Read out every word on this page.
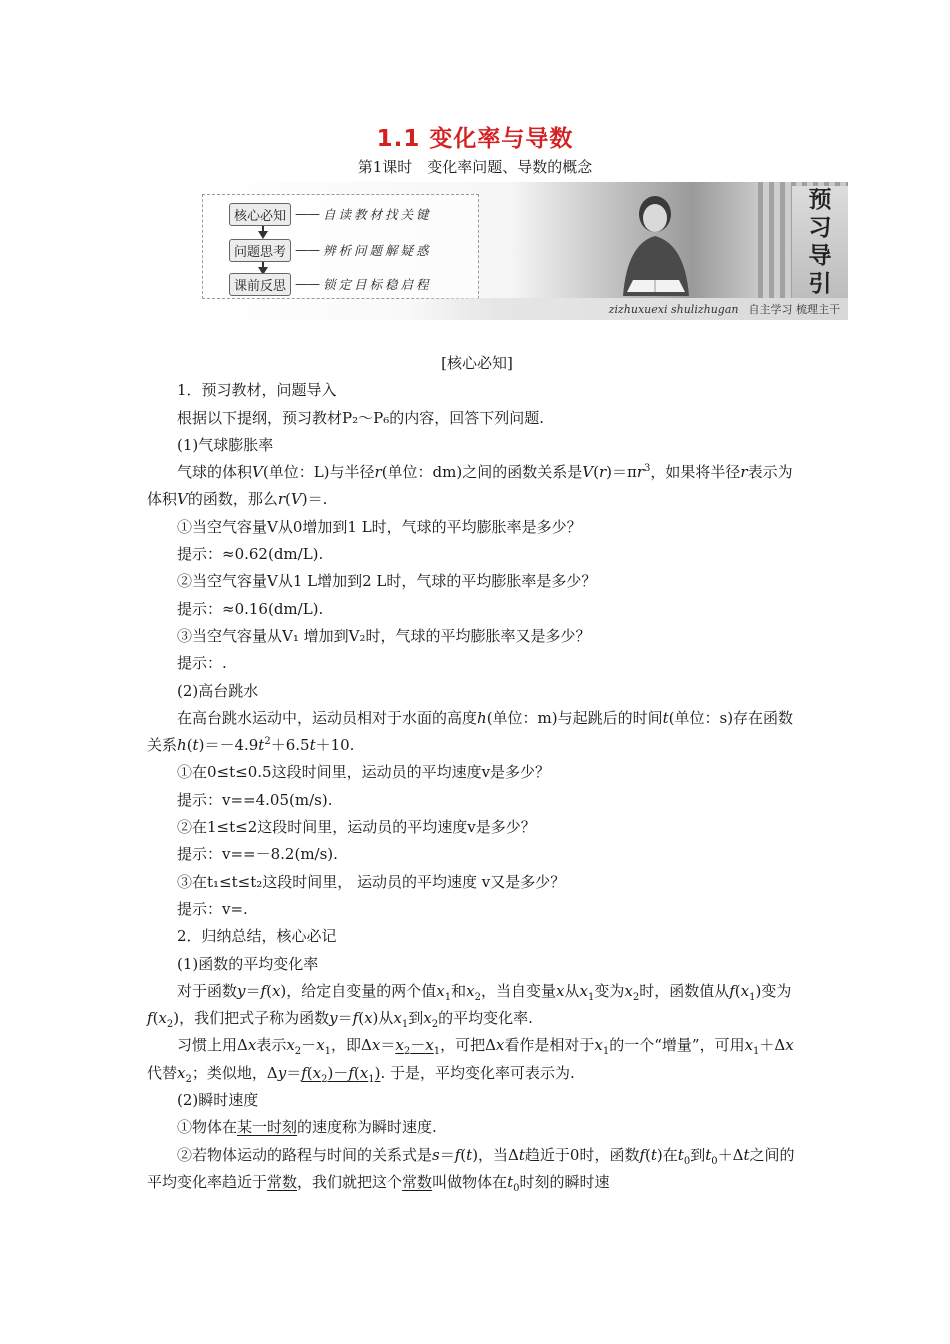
1.1 变化率与导数
第1课时　变化率问题、导数的概念
核心必知 —— 自读教材找关键
问题思考 —— 辨析问题解疑惑
课前反思 —— 锁定目标稳启程
预
习
导
引
zizhuxuexi shulizhugan 自主学习 梳理主干

[核心必知]

1．预习教材，问题导入

根据以下提纲，预习教材P₂～P₆的内容，回答下列问题.

(1)气球膨胀率

气球的体积V(单位：L)与半径r(单位：dm)之间的函数关系是$V(r)=\pi r^3$，如果将半径r表示为体积V的函数，那么r(V)＝.

①当空气容量V从0增加到1 L时，气球的平均膨胀率是多少？

提示：≈0.62(dm/L).

②当空气容量V从1 L增加到2 L时，气球的平均膨胀率是多少？

提示：≈0.16(dm/L).

③当空气容量从V₁ 增加到V₂时，气球的平均膨胀率又是多少？

提示：.

(2)高台跳水

在高台跳水运动中，运动员相对于水面的高度h(单位：m)与起跳后的时间t(单位：s)存在函数关系$h(t)=-4.9t^2+6.5t+10$.

①在0≤t≤0.5这段时间里，运动员的平均速度v是多少？

提示：v==4.05(m/s).

②在1≤t≤2这段时间里，运动员的平均速度v是多少？

提示：v==－8.2(m/s).

③在t₁≤t≤t₂这段时间里， 运动员的平均速度 v又是多少？

提示：v=.

2．归纳总结，核心必记

(1)函数的平均变化率

对于函数y＝f(x)，给定自变量的两个值$x_1$和$x_2$，当自变量x从$x_1$变为$x_2$时，函数值从$f(x_1)$变为$f(x_2)$，我们把式子称为函数y＝f(x)从$x_1$到$x_2$的平均变化率.

习惯上用Δx表示$x_2-x_1$，即$\Delta x=x_2-x_1$，可把Δx看作是相对于$x_1$的一个“增量”，可用$x_1+\Delta x$代替$x_2$；类似地，$\Delta y=f(x_2)-f(x_1)$. 于是，平均变化率可表示为.

(2)瞬时速度

①物体在某一时刻的速度称为瞬时速度.

②若物体运动的路程与时间的关系式是s＝f(t)，当Δt趋近于0时，函数f(t)在$t_0$到$t_0+\Delta t$之间的平均变化率趋近于常数，我们就把这个常数叫做物体在$t_0$时刻的瞬时速
